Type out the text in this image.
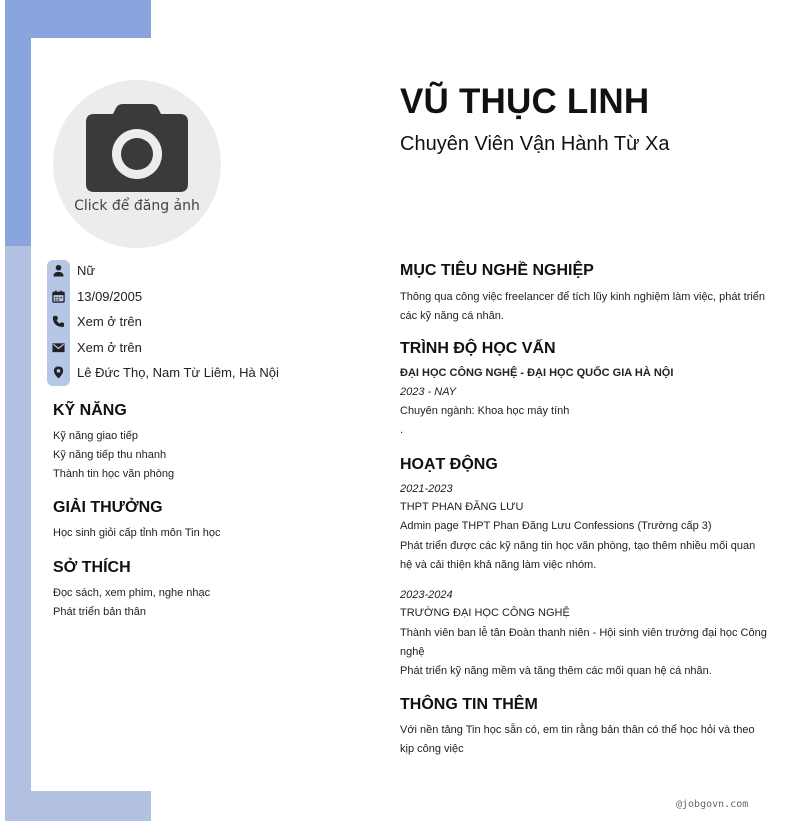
Click để đăng ảnh
VŨ THỤC LINH
Chuyên Viên Vận Hành Từ Xa
Nữ
13/09/2005
Xem ở trên
Xem ở trên
Lê Đức Thọ, Nam Từ Liêm, Hà Nội
KỸ NĂNG
Kỹ năng giao tiếp
Kỹ năng tiếp thu nhanh
Thành tin học văn phòng
GIẢI THƯỞNG
Học sinh giỏi cấp tỉnh môn Tin học
SỞ THÍCH
Đọc sách, xem phim, nghe nhạc
Phát triển bản thân
MỤC TIÊU NGHỀ NGHIỆP
Thông qua công việc freelancer để tích lũy kinh nghiệm làm việc, phát triển các kỹ năng cá nhân.
TRÌNH ĐỘ HỌC VẤN
ĐẠI HỌC CÔNG NGHỆ - ĐẠI HỌC QUỐC GIA HÀ NỘI
2023 - NAY
Chuyên ngành: Khoa học máy tính
.
HOẠT ĐỘNG
2021-2023
THPT PHAN ĐĂNG LƯU
Admin page THPT Phan Đăng Lưu Confessions (Trường cấp 3)
Phát triển được các kỹ năng tin học văn phòng, tạo thêm nhiều mối quan hệ và cải thiện khả năng làm việc nhóm.
2023-2024
TRƯỜNG ĐẠI HỌC CÔNG NGHỆ
Thành viên ban lễ tân Đoàn thanh niên - Hội sinh viên trường đại học Công nghệ
Phát triển kỹ năng mềm và tăng thêm các mối quan hệ cá nhân.
THÔNG TIN THÊM
Với nền tảng Tin học sẵn có, em tin rằng bản thân có thể học hỏi và theo kịp công việc
@jobgovn.com
